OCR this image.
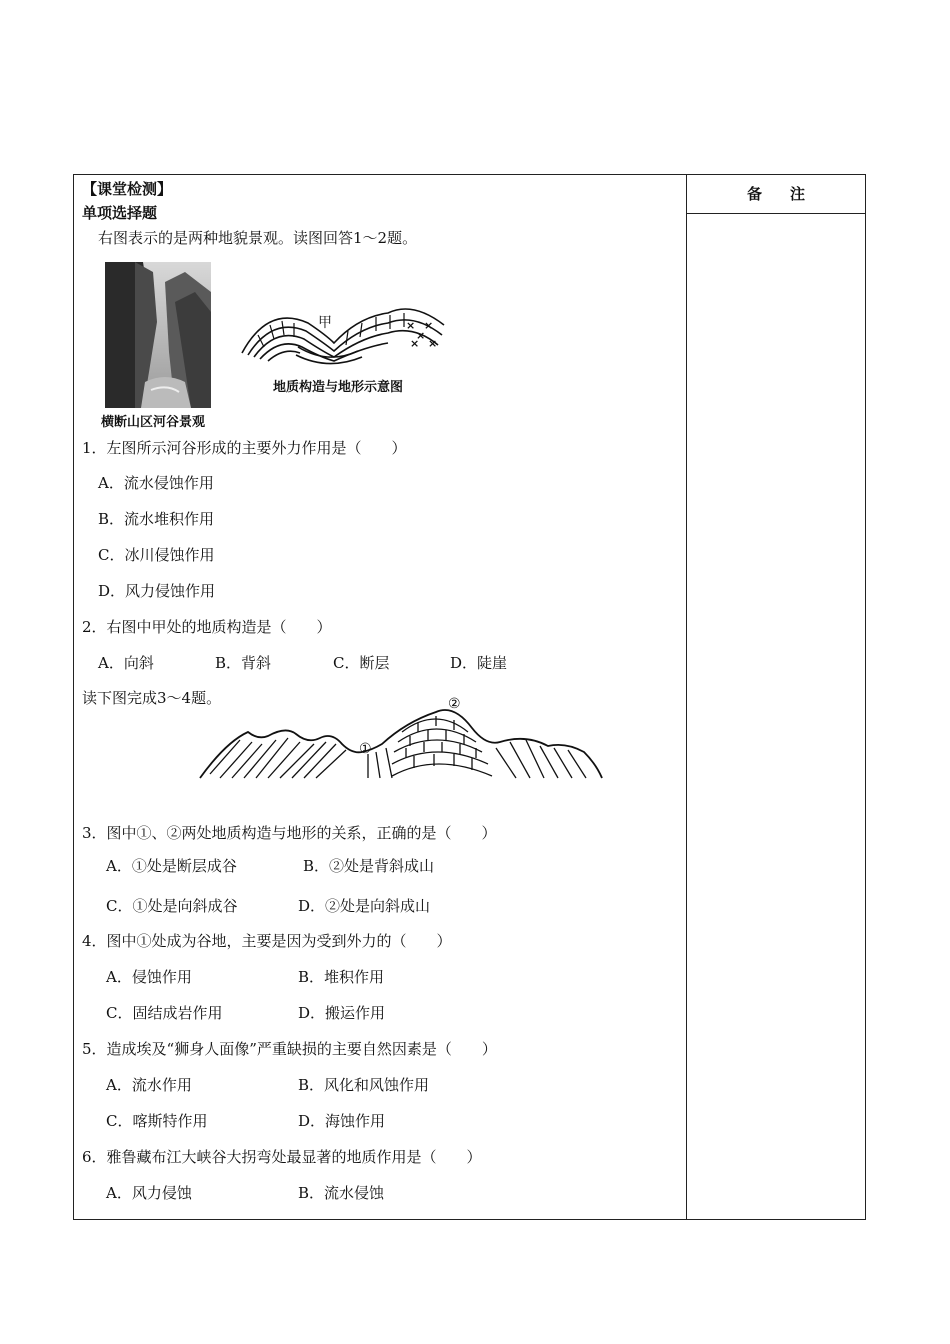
备注
【课堂检测】
单项选择题
右图表示的是两种地貌景观。读图回答1～2题。
横断山区河谷景观
×
×
×
× ×
甲
地质构造与地形示意图
1．左图所示河谷形成的主要外力作用是（　　）
A．流水侵蚀作用
B．流水堆积作用
C．冰川侵蚀作用
D．风力侵蚀作用
2．右图中甲处的地质构造是（　　）
A．向斜	B．背斜	C．断层	D．陡崖
读下图完成3～4题。
①
②
3．图中①、②两处地质构造与地形的关系，正确的是（　　）
A．①处是断层成谷	B．②处是背斜成山
C．①处是向斜成谷	D．②处是向斜成山
4．图中①处成为谷地，主要是因为受到外力的（　　）
A．侵蚀作用	B．堆积作用
C．固结成岩作用	D．搬运作用
5．造成埃及“狮身人面像”严重缺损的主要自然因素是（　　）
A．流水作用	B．风化和风蚀作用
C．喀斯特作用	D．海蚀作用
6．雅鲁藏布江大峡谷大拐弯处最显著的地质作用是（　　）
A．风力侵蚀	B．流水侵蚀
